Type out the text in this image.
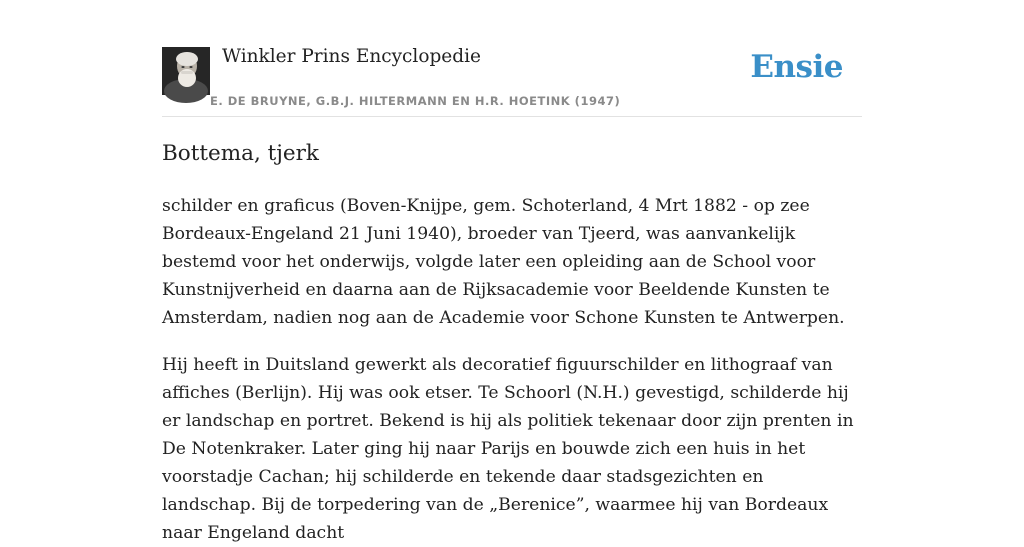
Winkler Prins Encyclopedie
E. DE BRUYNE, G.B.J. HILTERMANN EN H.R. HOETINK (1947)
Ensie
Bottema, tjerk

schilder en graficus (Boven-Knijpe, gem. Schoterland, 4 Mrt 1882 - op zee Bordeaux-Engeland 21 Juni 1940), broeder van Tjeerd, was aanvankelijk bestemd voor het onderwijs, volgde later een opleiding aan de School voor Kunstnijverheid en daarna aan de Rijksacademie voor Beeldende Kunsten te Amsterdam, nadien nog aan de Academie voor Schone Kunsten te Antwerpen.

Hij heeft in Duitsland gewerkt als decoratief figuurschilder en lithograaf van affiches (Berlijn). Hij was ook etser. Te Schoorl (N.H.) gevestigd, schilderde hij er landschap en portret. Bekend is hij als politiek tekenaar door zijn prenten in De Notenkraker. Later ging hij naar Parijs en bouwde zich een huis in het voorstadje Cachan; hij schilderde en tekende daar stadsgezichten en landschap. Bij de torpedering van de „Berenice”, waarmee hij van Bordeaux naar Engeland dacht
